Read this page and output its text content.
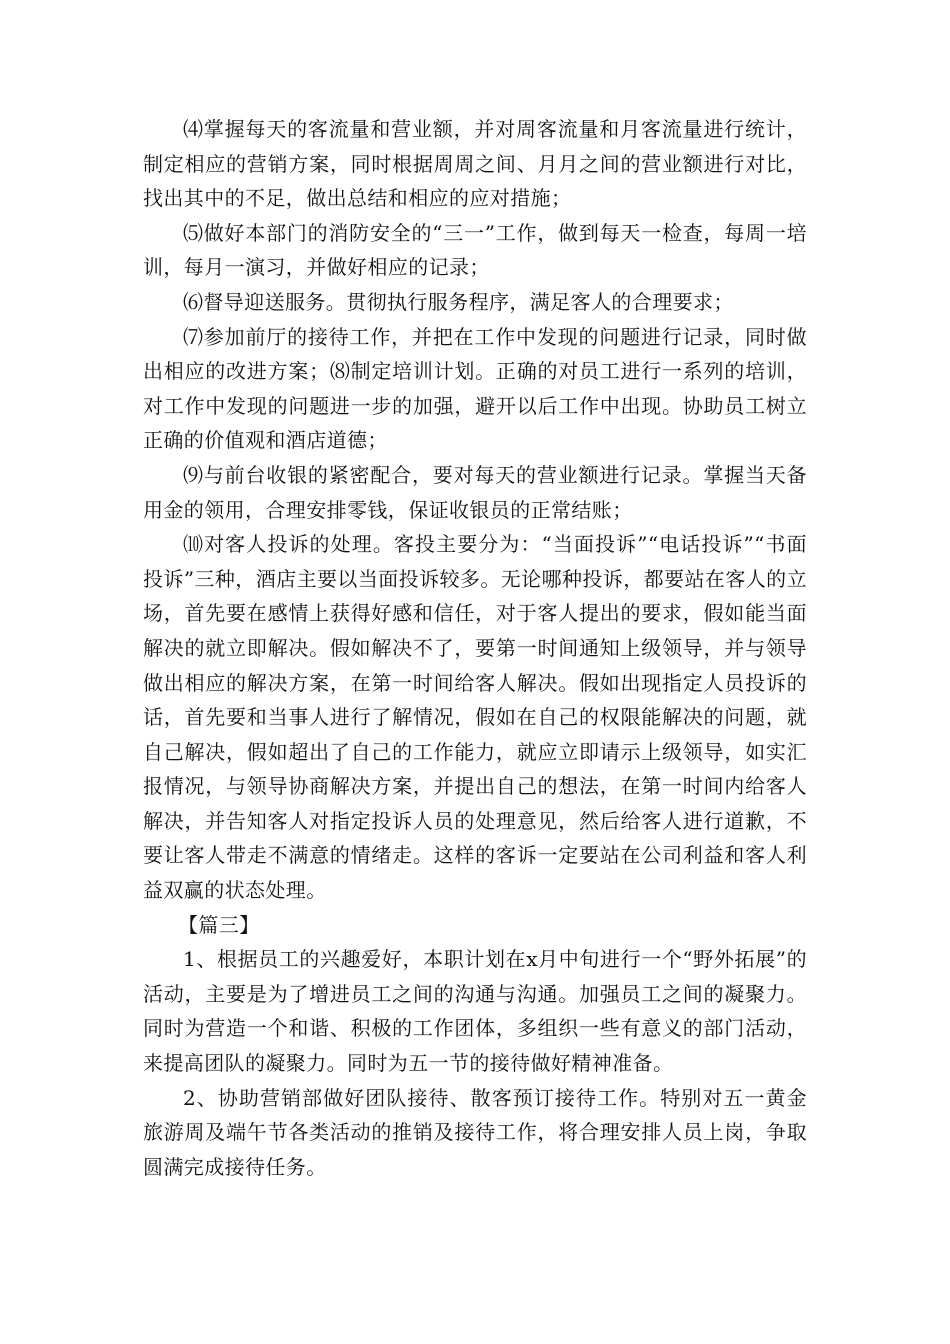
⑷掌握每天的客流量和营业额，并对周客流量和月客流量进行统计，制定相应的营销方案，同时根据周周之间、月月之间的营业额进行对比，找出其中的不足，做出总结和相应的应对措施；

⑸做好本部门的消防安全的“三一”工作，做到每天一检查，每周一培训，每月一演习，并做好相应的记录；

⑹督导迎送服务。贯彻执行服务程序，满足客人的合理要求；

⑺参加前厅的接待工作，并把在工作中发现的问题进行记录，同时做出相应的改进方案；⑻制定培训计划。正确的对员工进行一系列的培训，对工作中发现的问题进一步的加强，避开以后工作中出现。协助员工树立正确的价值观和酒店道德；

⑼与前台收银的紧密配合，要对每天的营业额进行记录。掌握当天备用金的领用，合理安排零钱，保证收银员的正常结账；

⑽对客人投诉的处理。客投主要分为：“当面投诉”“电话投诉”“书面投诉”三种，酒店主要以当面投诉较多。无论哪种投诉，都要站在客人的立场，首先要在感情上获得好感和信任，对于客人提出的要求，假如能当面解决的就立即解决。假如解决不了，要第一时间通知上级领导，并与领导做出相应的解决方案，在第一时间给客人解决。假如出现指定人员投诉的话，首先要和当事人进行了解情况，假如在自己的权限能解决的问题，就自己解决，假如超出了自己的工作能力，就应立即请示上级领导，如实汇报情况，与领导协商解决方案，并提出自己的想法，在第一时间内给客人解决，并告知客人对指定投诉人员的处理意见，然后给客人进行道歉，不要让客人带走不满意的情绪走。这样的客诉一定要站在公司利益和客人利益双赢的状态处理。

【篇三】

1、根据员工的兴趣爱好，本职计划在x月中旬进行一个“野外拓展”的活动，主要是为了增进员工之间的沟通与沟通。加强员工之间的凝聚力。同时为营造一个和谐、积极的工作团体，多组织一些有意义的部门活动，来提高团队的凝聚力。同时为五一节的接待做好精神准备。

2、协助营销部做好团队接待、散客预订接待工作。特别对五一黄金旅游周及端午节各类活动的推销及接待工作，将合理安排人员上岗，争取圆满完成接待任务。
